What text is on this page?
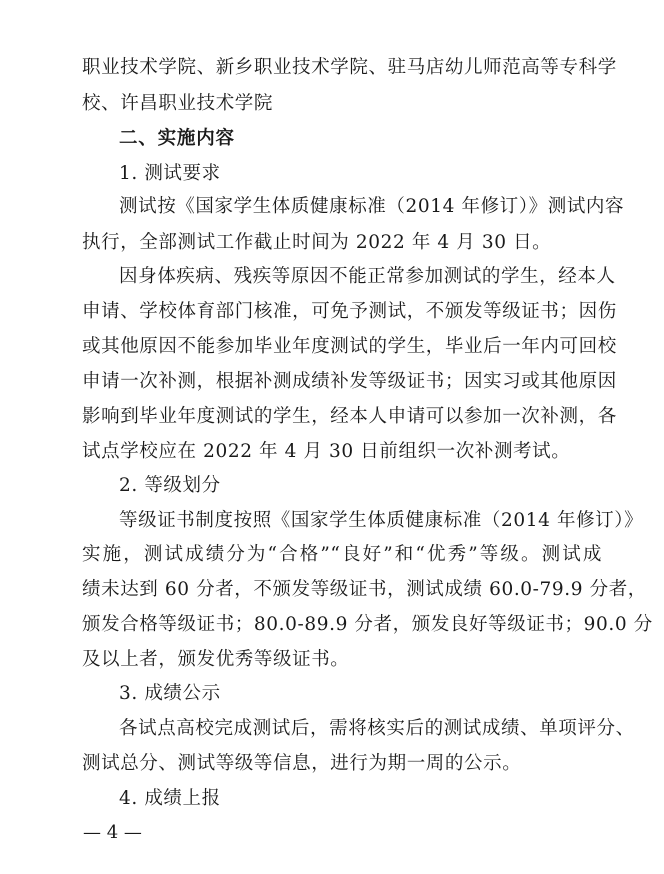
职业技术学院、新乡职业技术学院、驻马店幼儿师范高等专科学
校、许昌职业技术学院
二、实施内容
1. 测试要求
测试按《国家学生体质健康标准（2014 年修订）》测试内容
执行，全部测试工作截止时间为 2022 年 4 月 30 日。
因身体疾病、残疾等原因不能正常参加测试的学生，经本人
申请、学校体育部门核准，可免予测试，不颁发等级证书；因伤
或其他原因不能参加毕业年度测试的学生，毕业后一年内可回校
申请一次补测，根据补测成绩补发等级证书；因实习或其他原因
影响到毕业年度测试的学生，经本人申请可以参加一次补测，各
试点学校应在 2022 年 4 月 30 日前组织一次补测考试。
2. 等级划分
等级证书制度按照《国家学生体质健康标准（2014 年修订）》
实施，测试成绩分为“合格”“良好”和“优秀”等级。测试成
绩未达到 60 分者，不颁发等级证书，测试成绩 60.0-79.9 分者，
颁发合格等级证书；80.0-89.9 分者，颁发良好等级证书；90.0 分
及以上者，颁发优秀等级证书。
3. 成绩公示
各试点高校完成测试后，需将核实后的测试成绩、单项评分、
测试总分、测试等级等信息，进行为期一周的公示。
4. 成绩上报
— 4 —
